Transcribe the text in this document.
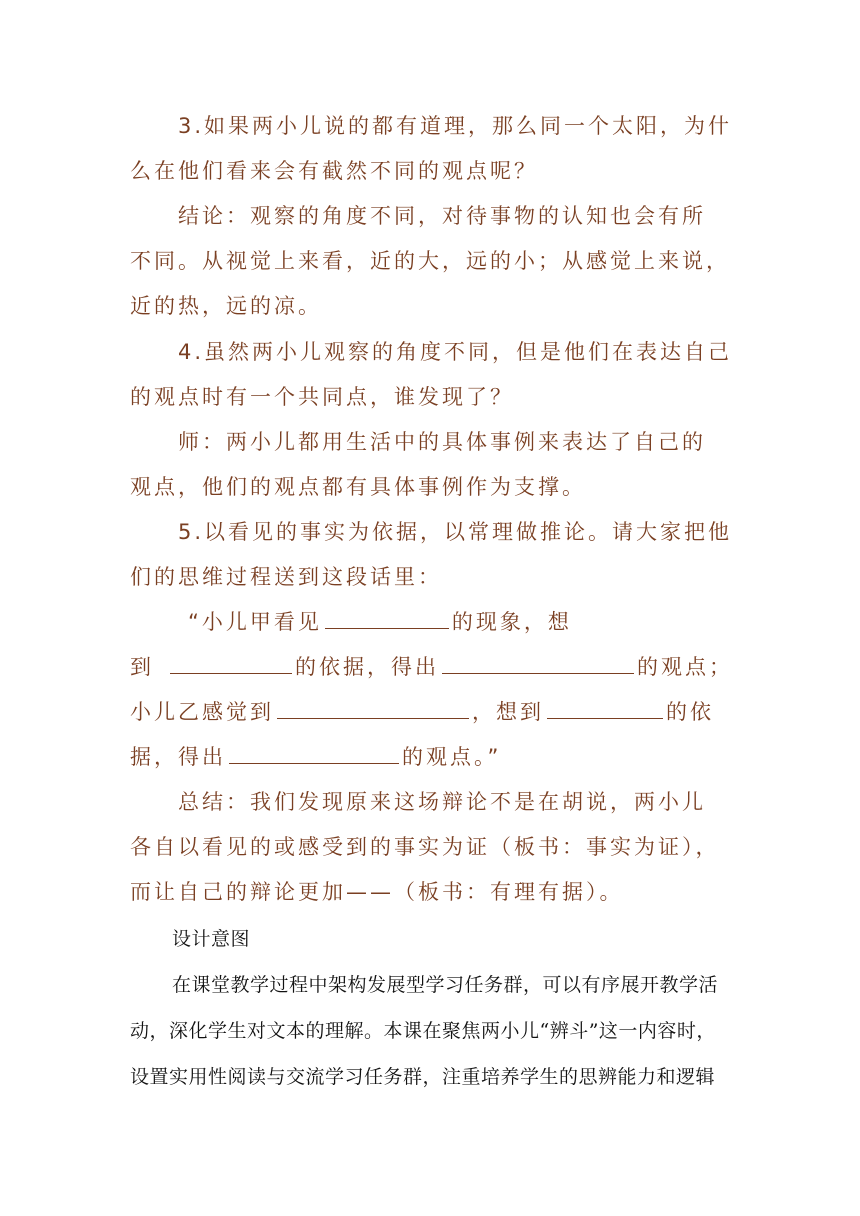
3.如果两小儿说的都有道理，那么同一个太阳，为什
么在他们看来会有截然不同的观点呢？

结论：观察的角度不同，对待事物的认知也会有所
不同。从视觉上来看，近的大，远的小；从感觉上来说，
近的热，远的凉。

4.虽然两小儿观察的角度不同，但是他们在表达自己
的观点时有一个共同点，谁发现了？

师：两小儿都用生活中的具体事例来表达了自己的
观点，他们的观点都有具体事例作为支撑。

5.以看见的事实为依据，以常理做推论。请大家把他
们的思维过程送到这段话里：

“小儿甲看见	的现象，想
到	的依据，得出	的观点；
小儿乙感觉到	，想到	的依
据，得出	的观点。”

总结：我们发现原来这场辩论不是在胡说，两小儿
各自以看见的或感受到的事实为证（板书：事实为证），
而让自己的辩论更加——（板书：有理有据）。

设计意图

在课堂教学过程中架构发展型学习任务群，可以有序展开教学活
动，深化学生对文本的理解。本课在聚焦两小儿“辨斗”这一内容时，
设置实用性阅读与交流学习任务群，注重培养学生的思辨能力和逻辑
